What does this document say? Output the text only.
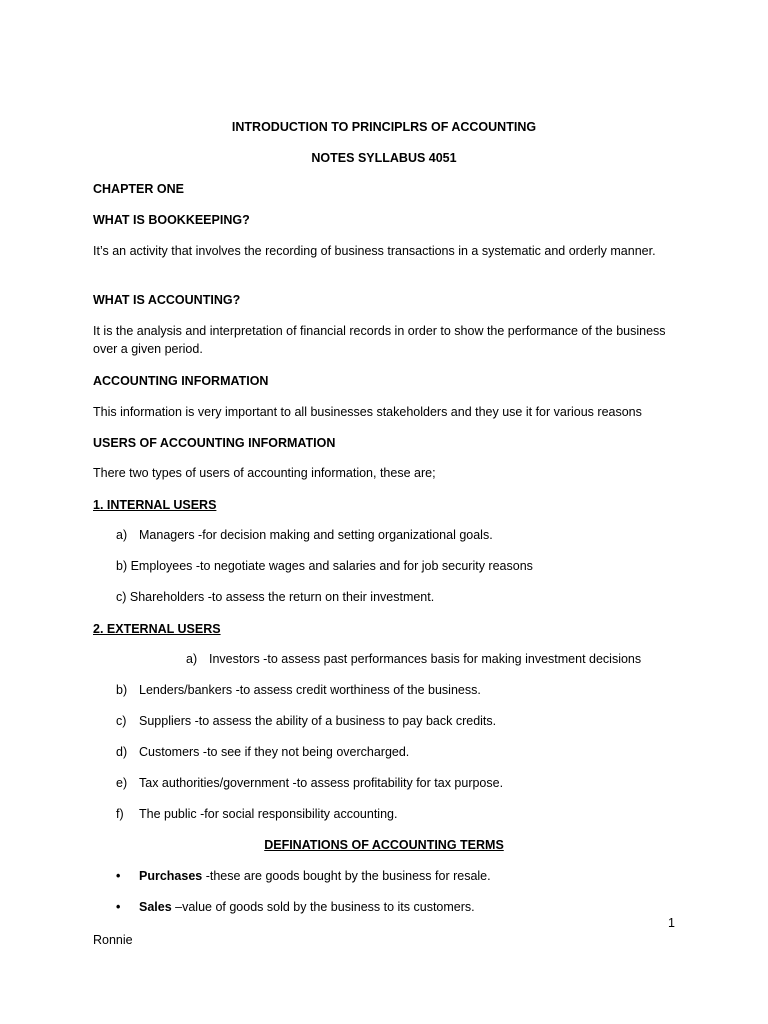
INTRODUCTION TO PRINCIPLRS OF ACCOUNTING
NOTES SYLLABUS 4051
CHAPTER ONE
WHAT IS BOOKKEEPING?
It’s an activity that involves the recording of business transactions in a systematic and orderly manner.
WHAT IS ACCOUNTING?
It is the analysis and interpretation of financial records in order to show the performance of the business over a given period.
ACCOUNTING INFORMATION
This information is very important to all businesses stakeholders and they use it for various reasons
USERS OF ACCOUNTING INFORMATION
There two types of users of accounting information, these are;
1. INTERNAL USERS
a) Managers -for decision making and setting organizational goals.
b) Employees -to negotiate wages and salaries and for job security reasons
c) Shareholders -to assess the return on their investment.
2. EXTERNAL USERS
a) Investors -to assess past performances basis for making investment decisions
b) Lenders/bankers -to assess credit worthiness of the business.
c) Suppliers -to assess the ability of a business to pay back credits.
d) Customers -to see if they not being overcharged.
e) Tax authorities/government -to assess profitability for tax purpose.
f) The public -for social responsibility accounting.
DEFINATIONS OF ACCOUNTING TERMS
• Purchases -these are goods bought by the business for resale.
• Sales –value of goods sold by the business to its customers.
1
Ronnie
